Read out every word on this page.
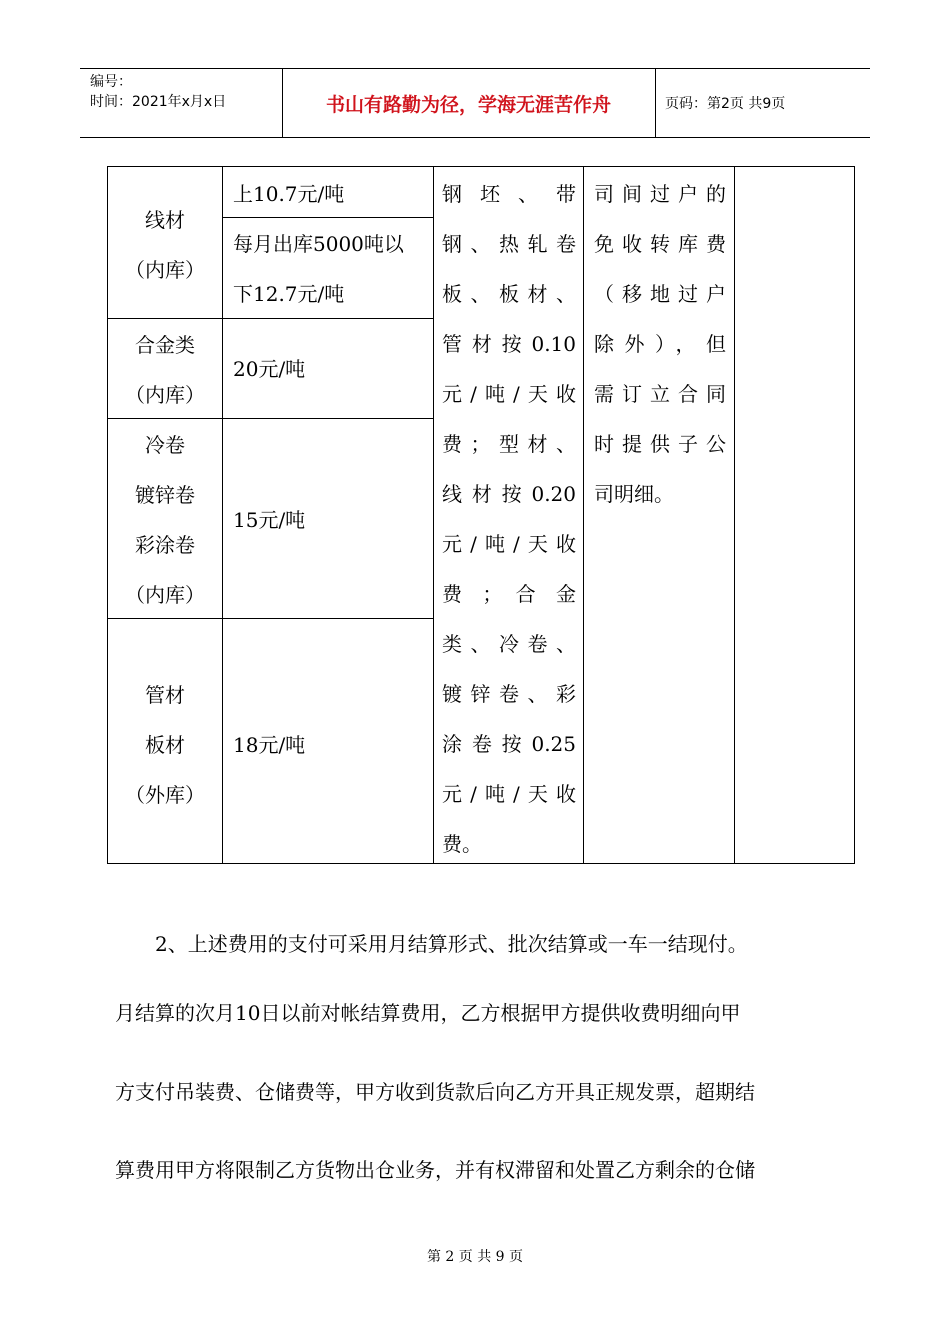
编号：
时间：2021年x月x日	书山有路勤为径，学海无涯苦作舟	页码：第2页 共9页
线材
（内库）
上10.7元/吨
每月出库5000吨以
下12.7元/吨
合金类
（内库）
20元/吨
冷卷
镀锌卷
彩涂卷
（内库）
15元/吨
管材
板材
（外库）
18元/吨
钢 坯 、 带
钢、热轧卷
板、板材、
管材按0.10
元/吨/天收
费；型材、
线材按0.20
元/吨/天收
费 ； 合 金
类、冷卷、
镀锌卷、彩
涂卷按0.25
元/吨/天收
费。
司间过户的
免收转库费
（移地过户
除外），但
需订立合同
时提供子公
司明细。
2、上述费用的支付可采用月结算形式、批次结算或一车一结现付。
月结算的次月10日以前对帐结算费用，乙方根据甲方提供收费明细向甲
方支付吊装费、仓储费等，甲方收到货款后向乙方开具正规发票，超期结
算费用甲方将限制乙方货物出仓业务，并有权滞留和处置乙方剩余的仓储
第 2 页 共 9 页
